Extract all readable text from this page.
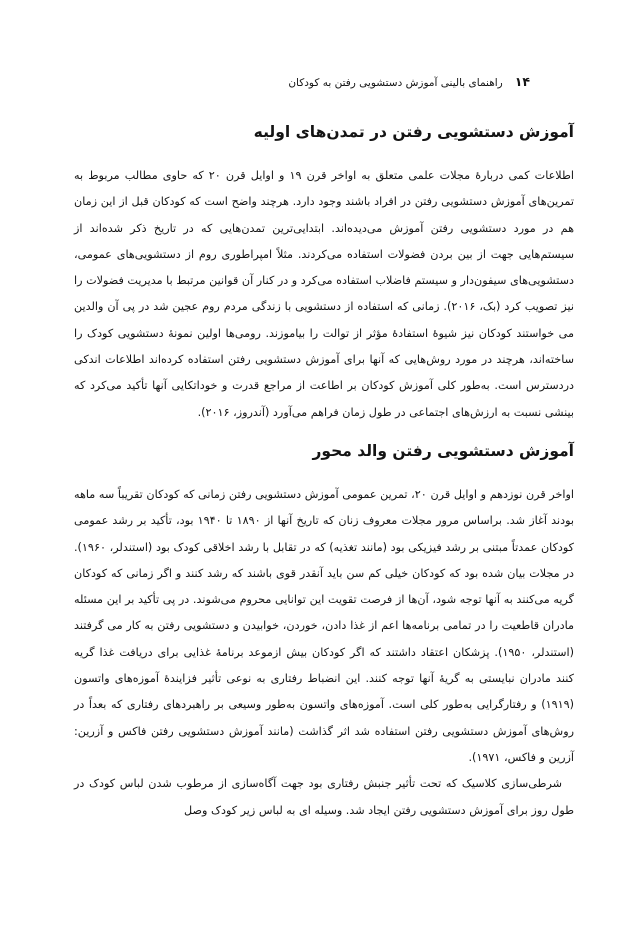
۱۴
راهنمای بالینی آموزش دستشویی رفتن به کودکان
آموزش دستشویی رفتن در تمدن‌های اولیه

اطلاعات کمی دربارهٔ مجلات علمی متعلق به اواخر قرن ۱۹ و اوایل قرن ۲۰ که حاوی مطالب مربوط به تمرین‌های آموزش دستشویی رفتن در افراد باشند وجود دارد. هرچند واضح است که کودکان قبل از این زمان هم در مورد دستشویی رفتن آموزش می‌دیده‌اند. ابتدایی‌ترین تمدن‌هایی که در تاریخ ذکر شده‌اند از سیستم‌هایی جهت از بین بردن فضولات استفاده می‌کردند. مثلاً امپراطوری روم از دستشویی‌های عمومی، دستشویی‌های سیفون‌دار و سیستم فاضلاب استفاده می‌کرد و در کنار آن قوانین مرتبط با مدیریت فضولات را نیز تصویب کرد (بک، ۲۰۱۶). زمانی که استفاده از دستشویی با زندگی مردم روم عجین شد در پی آن والدین می خواستند کودکان نیز شیوهٔ استفادهٔ مؤثر از توالت را بیاموزند. رومی‌ها اولین نمونهٔ دستشویی کودک را ساخته‌اند، هرچند در مورد روش‌هایی که آنها برای آموزش دستشویی رفتن استفاده کرده‌اند اطلاعات اندکی دردسترس است. به‌طور کلی آموزش کودکان بر اطاعت از مراجع قدرت و خوداتکایی آنها تأکید می‌کرد که بینشی نسبت به ارزش‌های اجتماعی در طول زمان فراهم می‌آورد (آندروز، ۲۰۱۶).

آموزش دستشویی رفتن والد محور

اواخر قرن نوزدهم و اوایل قرن ۲۰، تمرین عمومی آموزش دستشویی رفتن زمانی که کودکان تقریباً سه ماهه بودند آغاز شد. براساس مرور مجلات معروف زنان که تاریخ آنها از ۱۸۹۰ تا ۱۹۴۰ بود، تأکید بر رشد عمومی کودکان عمدتاً مبتنی بر رشد فیزیکی بود (مانند تغذیه) که در تقابل با رشد اخلاقی کودک بود (استندلر، ۱۹۶۰). در مجلات بیان شده بود که کودکان خیلی کم سن باید آنقدر قوی باشند که رشد کنند و اگر زمانی که کودکان گریه می‌کنند به آنها توجه شود، آن‌ها از فرصت تقویت این توانایی محروم می‌شوند. در پی تأکید بر این مسئله مادران قاطعیت را در تمامی برنامه‌ها اعم از غذا دادن، خوردن، خوابیدن و دستشویی رفتن به کار می گرفتند (استندلر، ۱۹۵۰). پزشکان اعتقاد داشتند که اگر کودکان بیش ازموعد برنامهٔ غذایی برای دریافت غذا گریه کنند مادران نبایستی به گریهٔ آنها توجه کنند. این انضباط رفتاری به نوعی تأثیر فزایندهٔ آموزه‌های واتسون (۱۹۱۹) و رفتارگرایی به‌طور کلی است. آموزه‌های واتسون به‌طور وسیعی بر راهبردهای رفتاری که بعداً در روش‌های آموزش دستشویی رفتن استفاده شد اثر گذاشت (مانند آموزش دستشویی رفتن فاکس و آزرین: آزرین و فاکس، ۱۹۷۱).

شرطی‌سازی کلاسیک که تحت تأثیر جنبش رفتاری بود جهت آگاه‌سازی از مرطوب شدن لباس کودک در طول روز برای آموزش دستشویی رفتن ایجاد شد. وسیله ای به لباس زیر کودک وصل
